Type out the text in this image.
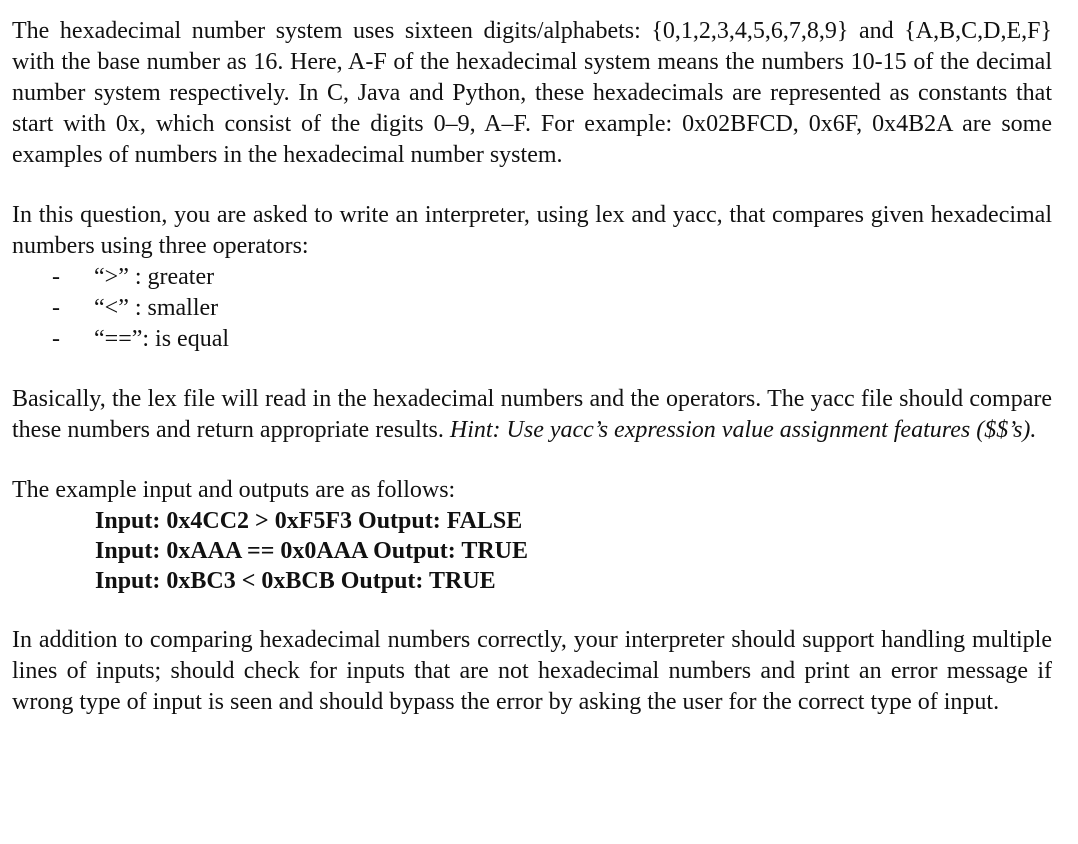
The hexadecimal number system uses sixteen digits/alphabets: {0,1,2,3,4,5,6,7,8,9} and {A,B,C,D,E,F} with the base number as 16. Here, A-F of the hexadecimal system means the numbers 10-15 of the decimal number system respectively. In C, Java and Python, these hexadecimals are represented as constants that start with 0x, which consist of the digits 0–9, A–F. For example: 0x02BFCD, 0x6F, 0x4B2A are some examples of numbers in the hexadecimal number system.

In this question, you are asked to write an interpreter, using lex and yacc, that compares given hexadecimal numbers using three operators:

- “>” : greater
- “<” : smaller
- “==”: is equal

Basically, the lex file will read in the hexadecimal numbers and the operators. The yacc file should compare these numbers and return appropriate results. Hint: Use yacc’s expression value assignment features ($$’s).

The example input and outputs are as follows:

Input: 0x4CC2 > 0xF5F3 Output: FALSE
Input: 0xAAA == 0x0AAA Output: TRUE
Input: 0xBC3 < 0xBCB Output: TRUE

In addition to comparing hexadecimal numbers correctly, your interpreter should support handling multiple lines of inputs; should check for inputs that are not hexadecimal numbers and print an error message if wrong type of input is seen and should bypass the error by asking the user for the correct type of input.
